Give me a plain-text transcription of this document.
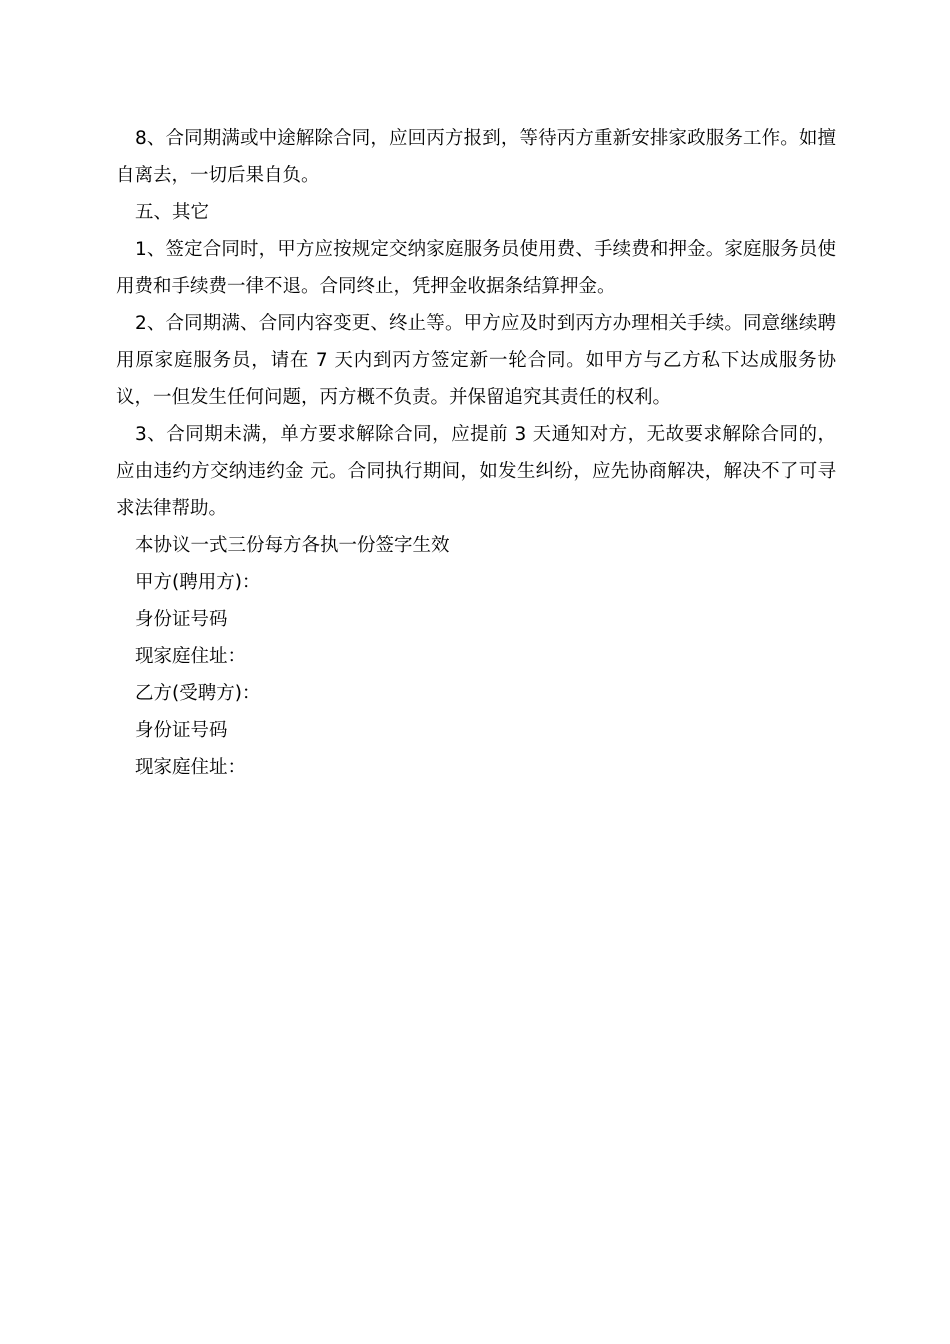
8、合同期满或中途解除合同，应回丙方报到，等待丙方重新安排家政服务工作。如擅自离去，一切后果自负。

五、其它

1、签定合同时，甲方应按规定交纳家庭服务员使用费、手续费和押金。家庭服务员使用费和手续费一律不退。合同终止，凭押金收据条结算押金。

2、合同期满、合同内容变更、终止等。甲方应及时到丙方办理相关手续。同意继续聘用原家庭服务员，请在 7 天内到丙方签定新一轮合同。如甲方与乙方私下达成服务协议，一但发生任何问题，丙方概不负责。并保留追究其责任的权利。

3、合同期未满，单方要求解除合同，应提前 3 天通知对方，无故要求解除合同的，应由违约方交纳违约金 元。合同执行期间，如发生纠纷，应先协商解决，解决不了可寻求法律帮助。

本协议一式三份每方各执一份签字生效

甲方(聘用方)：

身份证号码

现家庭住址：

乙方(受聘方)：

身份证号码

现家庭住址：
